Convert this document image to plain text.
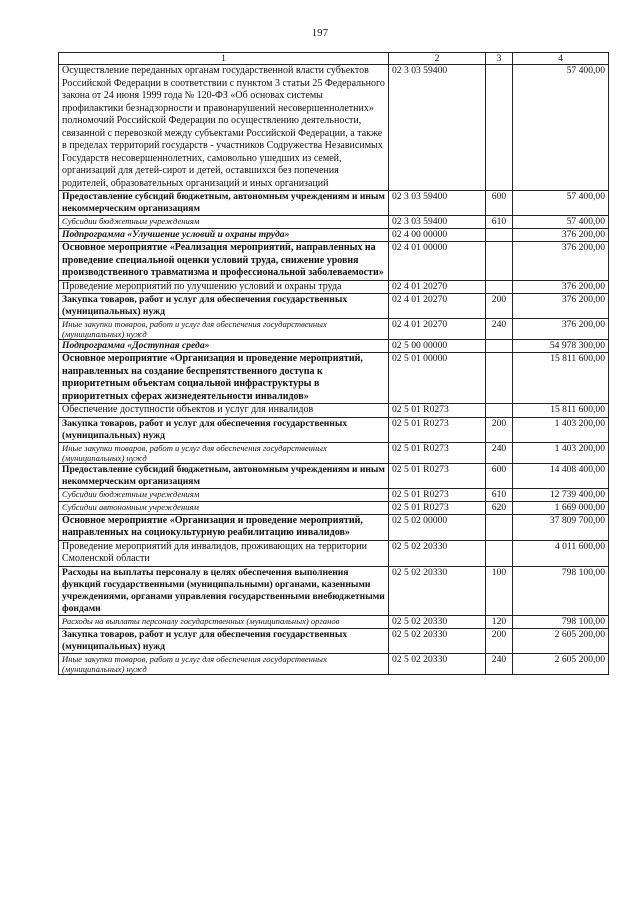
197
1	2	3	4
Осуществление переданных органам государственной власти субъектов Российской Федерации в соответствии с пунктом 3 статьи 25 Федерального закона от 24 июня 1999 года № 120-ФЗ «Об основах системы профилактики безнадзорности и правонарушений несовершеннолетних» полномочий Российской Федерации по осуществлению деятельности, связанной с перевозкой между субъектами Российской Федерации, а также в пределах территорий государств - участников Содружества Независимых Государств несовершеннолетних, самовольно ушедших из семей, организаций для детей-сирот и детей, оставшихся без попечения родителей, образовательных организаций и иных организаций	02 3 03 59400		57 400,00
Предоставление субсидий бюджетным, автономным учреждениям и иным некоммерческим организациям	02 3 03 59400	600	57 400,00
Субсидии бюджетным учреждениям	02 3 03 59400	610	57 400,00
Подпрограмма «Улучшение условий и охраны труда»	02 4 00 00000		376 200,00
Основное мероприятие «Реализация мероприятий, направленных на проведение специальной оценки условий труда, снижение уровня производственного травматизма и профессиональной заболеваемости»	02 4 01 00000		376 200,00
Проведение мероприятий по улучшению условий и охраны труда	02 4 01 20270		376 200,00
Закупка товаров, работ и услуг для обеспечения государственных (муниципальных) нужд	02 4 01 20270	200	376 200,00
Иные закупки товаров, работ и услуг для обеспечения государственных (муниципальных) нужд	02 4 01 20270	240	376 200,00
Подпрограмма «Доступная среда»	02 5 00 00000		54 978 300,00
Основное мероприятие «Организация и проведение мероприятий, направленных на создание беспрепятственного доступа к приоритетным объектам социальной инфраструктуры в приоритетных сферах жизнедеятельности инвалидов»	02 5 01 00000		15 811 600,00
Обеспечение доступности объектов и услуг для инвалидов	02 5 01 R0273		15 811 600,00
Закупка товаров, работ и услуг для обеспечения государственных (муниципальных) нужд	02 5 01 R0273	200	1 403 200,00
Иные закупки товаров, работ и услуг для обеспечения государственных (муниципальных) нужд	02 5 01 R0273	240	1 403 200,00
Предоставление субсидий бюджетным, автономным учреждениям и иным некоммерческим организациям	02 5 01 R0273	600	14 408 400,00
Субсидии бюджетным учреждениям	02 5 01 R0273	610	12 739 400,00
Субсидии автономным учреждениям	02 5 01 R0273	620	1 669 000,00
Основное мероприятие «Организация и проведение мероприятий, направленных на социокультурную реабилитацию инвалидов»	02 5 02 00000		37 809 700,00
Проведение мероприятий для инвалидов, проживающих на территории Смоленской области	02 5 02 20330		4 011 600,00
Расходы на выплаты персоналу в целях обеспечения выполнения функций государственными (муниципальными) органами, казенными учреждениями, органами управления государственными внебюджетными фондами	02 5 02 20330	100	798 100,00
Расходы на выплаты персоналу государственных (муниципальных) органов	02 5 02 20330	120	798 100,00
Закупка товаров, работ и услуг для обеспечения государственных (муниципальных) нужд	02 5 02 20330	200	2 605 200,00
Иные закупки товаров, работ и услуг для обеспечения государственных (муниципальных) нужд	02 5 02 20330	240	2 605 200,00
